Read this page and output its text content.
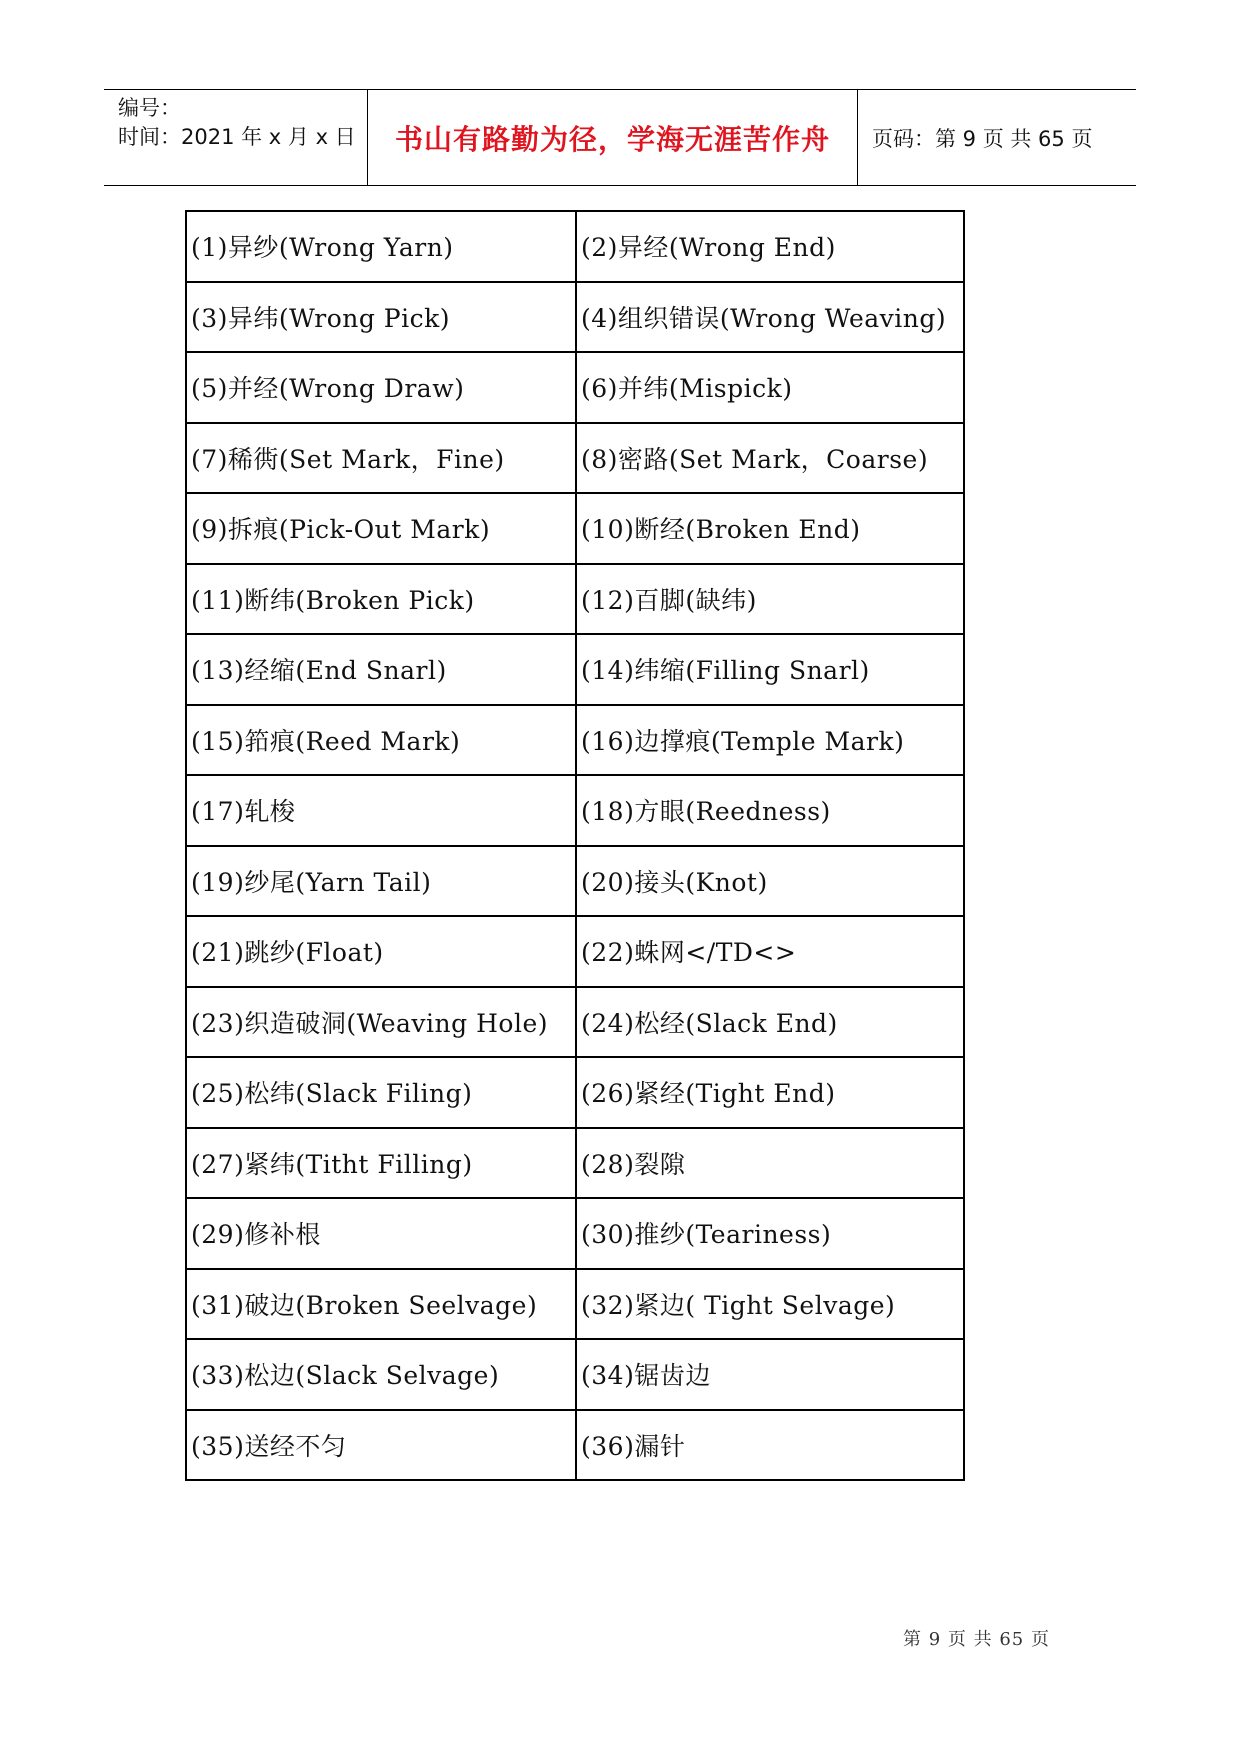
编号：
时间：2021 年 x 月 x 日	书山有路勤为径，学海无涯苦作舟 页码：第 9 页 共 65 页
(1)异纱(Wrong Yarn)	(2)异经(Wrong End)
(3)异纬(Wrong Pick)	(4)组织错误(Wrong Weaving)
(5)并经(Wrong Draw)	(6)并纬(Mispick)
(7)稀衖(Set Mark，Fine)	(8)密路(Set Mark，Coarse)
(9)拆痕(Pick-Out Mark)	(10)断经(Broken End)
(11)断纬(Broken Pick)	(12)百脚(缺纬)
(13)经缩(End Snarl)	(14)纬缩(Filling Snarl)
(15)筘痕(Reed Mark)	(16)边撑痕(Temple Mark)
(17)轧梭	(18)方眼(Reedness)
(19)纱尾(Yarn Tail)	(20)接头(Knot)
(21)跳纱(Float)	(22)蛛网</TD<>
(23)织造破洞(Weaving Hole)	(24)松经(Slack End)
(25)松纬(Slack Filing)	(26)紧经(Tight End)
(27)紧纬(Titht Filling)	(28)裂隙
(29)修补根	(30)推纱(Teariness)
(31)破边(Broken Seelvage)	(32)紧边( Tight Selvage)
(33)松边(Slack Selvage)	(34)锯齿边
(35)送经不匀	(36)漏针
第 9 页 共 65 页
